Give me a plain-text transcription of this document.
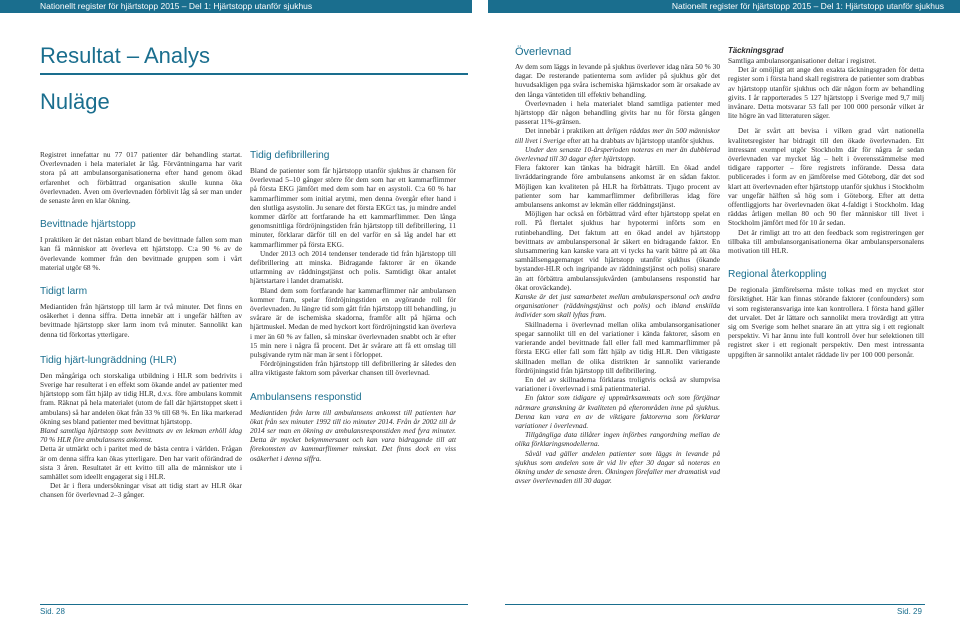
Nationellt register för hjärtstopp 2015 – Del 1: Hjärtstopp utanför sjukhus	Nationellt register för hjärtstopp 2015 – Del 1: Hjärtstopp utanför sjukhus
Resultat – Analys
Nuläge

Registret innefattar nu 77 017 patienter där behandling startat. Överlevnaden i hela materialet är låg. Förväntningarna har varit stora på att ambulansorganisationerna efter hand genom ökad erfarenhet och förbättrad organisation skulle kunna öka överlevnaden. Även om överlevnaden förblivit låg så ser man under de senaste åren en klar ökning.

Bevittnade hjärtstopp

I praktiken är det nästan enbart bland de bevittnade fallen som man kan få människor att överleva ett hjärtstopp. C:a 90 % av de överlevande kommer från den bevittnade gruppen som i vårt material utgör 68 %.

Tidigt larm

Mediantiden från hjärtstopp till larm är två minuter. Det finns en osäkerhet i denna siffra. Detta innebär att i ungefär hälften av bevittnade hjärtstopp sker larm inom två minuter. Sannolikt kan denna tid förkortas ytterligare.

Tidig hjärt-lungräddning (HLR)

Den mångåriga och storskaliga utbildning i HLR som bedrivits i Sverige har resulterat i en effekt som ökande andel av patienter med hjärtstopp som fått hjälp av tidig HLR, d.v.s. före ambulans kommit fram. Räknat på hela materialet (utom de fall där hjärtstoppet skett i ambulans) så har andelen ökat från 33 % till 68 %. En lika markerad ökning ses bland patienter med bevittnat hjärtstopp.

Bland samtliga hjärtstopp som bevittnats av en lekman erhöll idag 70 % HLR före ambulansens ankomst.

Detta är utmärkt och i paritet med de bästa centra i världen. Frågan är om denna siffra kan ökas ytterligare. Den har varit oförändrad de sista 3 åren. Resultatet är ett kvitto till alla de människor ute i samhället som ideellt engagerat sig i HLR.

Det är i flera undersökningar visat att tidig start av HLR ökar chansen för överlevnad 2–3 gånger.

Tidig defibrillering

Bland de patienter som får hjärtstopp utanför sjukhus är chansen för överlevnad 5–10 gånger större för dem som har ett kammarflimmer på första EKG jämfört med dem som har en asystoli. C:a 60 % har kammarflimmer som initial arytmi, men denna övergår efter hand i den slutliga asystolin. Ju senare det första EKG:t tas, ju mindre andel kommer därför att fortfarande ha ett kammarflimmer. Den långa genomsnittliga fördröjningstiden från hjärtstopp till defibrillering, 11 minuter, förklarar därför till en del varför en så låg andel har ett kammarflimmer på första EKG.

Under 2013 och 2014 tendenser tenderade tid från hjärtstopp till defibrillering att minska. Bidragande faktorer är en ökande utlarmning av räddningstjänst och polis. Samtidigt ökar antalet hjärtstartare i landet dramatiskt.

Bland dem som fortfarande har kammarflimmer när ambulansen kommer fram, spelar fördröjningstiden en avgörande roll för överlevnaden. Ju längre tid som gått från hjärtstopp till behandling, ju svårare är de ischemiska skadorna, framför allt på hjärna och hjärtmuskel. Medan de med hyckort kort fördröjningstid kan överleva i mer än 60 % av fallen, så minskar överlevnaden snabbt och är efter 15 min nere i några få procent. Det är svårare att få ett omslag till pulsgivande rytm när man är sent i förloppet.

Fördröjningstiden från hjärtstopp till defibrillering är således den allra viktigaste faktorn som påverkar chansen till överlevnad.

Ambulansens responstid

Mediantiden från larm till ambulansens ankomst till patienten har ökat från sex minuter 1992 till tio minuter 2014. Från år 2002 till år 2014 ser man en ökning av ambulansresponstiden med fyra minuter. Detta är mycket bekymmersamt och kan vara bidragande till att förekomsten av kammarflimmer minskat. Det finns dock en viss osäkerhet i denna siffra.

Sid. 28
Överlevnad

Av dem som läggs in levande på sjukhus överlever idag nära 50 % 30 dagar. De resterande patienterna som avlider på sjukhus gör det huvudsakligen pga svåra ischemiska hjärnskador som är orsakade av den långa väntetiden till effektiv behandling.

Överlevnaden i hela materialet bland samtliga patienter med hjärtstopp där någon behandling givits har nu för första gången passerat 11%-gränsen.

Det innebär i praktiken att årligen räddas mer än 500 människor till livet i Sverige efter att ha drabbats av hjärtstopp utanför sjukhus.

Under den senaste 10-årsperioden noteras en mer än dubblerad överlevnad till 30 dagar efter hjärtstopp.

Flera faktorer kan tänkas ha bidragit härtill. En ökad andel livräddaringrande före ambulansens ankomst är en sådan faktor. Möjligen kan kvaliteten på HLR ha förbättrats. Tjugo procent av patienter som har kammarflimmer defibrilleras idag före ambulansens ankomst av lekmän eller räddningstjänst.

Möjligen har också en förbättrad vård efter hjärtstopp spelat en roll. På flertalet sjukhus har hypotermi införts som en rutinbehandling. Det faktum att en ökad andel av hjärtstopp bevittnats av ambulanspersonal är säkert en bidragande faktor. En slutsammering kan kanske vara att vi tycks ha varit bättre på att öka samhällsengagemanget vid hjärtstopp utanför sjukhus (ökande bystander-HLR och ingripande av räddningstjänst och polis) snarare än att förbättra ambulanssjukvården (ambulansens responstid har ökat oroväckande).

Kanske är det just samarbetet mellan ambulanspersonal och andra organisationer (räddningstjänst och polis) och ibland enskilda individer som skall lyftas fram.

Skillnaderna i överlevnad mellan olika ambulansorganisationer spegar sannolikt till en del variationer i kända faktorer, såsom en varierande andel bevittnade fall eller fall med kammarflimmer på första EKG eller fall som fått hjälp av tidig HLR. Den viktigaste skillnaden mellan de olika distrikten är sannolikt varierande fördröjningstid från hjärtstopp till defibrillering.

En del av skillnaderna förklaras troligtvis också av slumpvisa variationer i överlevnad i små patientmaterial.

En faktor som tidigare ej uppmärksammats och som förtjänar närmare granskning är kvaliteten på efterområden inne på sjukhus. Denna kan vara en av de viktigare faktorerna som förklarar variationer i överlevnad.

Tillgängliga data tillåter ingen införbes rangordning mellan de olika förklaringsmodellerna.

Såväl vad gäller andelen patienter som läggs in levande på sjukhus som andelen som är vid liv efter 30 dagar så noteras en ökning under de senaste åren. Ökningen förefaller mer dramatisk vad avser överlevnaden till 30 dagar.

Täckningsgrad

Samtliga ambulansorganisationer deltar i registret.

Det är omöjligt att ange den exakta täckningsgraden för detta register som i första hand skall registrera de patienter som drabbas av hjärtstopp utanför sjukhus och där någon form av behandling givits. I år rapporterades 5 127 hjärtstopp i Sverige med 9,7 milj invånare. Detta motsvarar 53 fall per 100 000 personår vilket är lite högre än vad litteraturen säger.

Det är svårt att bevisa i vilken grad vårt nationella kvalitetsregister har bidragit till den ökade överlevnaden. Ett intressant exempel utgör Stockholm där för några år sedan överlevnaden var mycket låg – helt i överensstämmelse med tidigare rapporter – före registrets införande. Dessa data publicerades i form av en jämförelse med Göteborg, där det sod klart att överlevnaden efter hjärtstopp utanför sjukhus i Stockholm var ungefär hälften så hög som i Göteborg. Efter att detta offentliggjorts har överlevnaden ökat 4-faldigt i Stockholm. Idag räddas årligen mellan 80 och 90 fler människor till livet i Stockholm jämfört med för 10 år sedan.

Det är rimligt att tro att den feedback som registreringen ger tillbaka till ambulansorganisationerna ökar ambulanspersonalens motivation till HLR.

Regional återkoppling

De regionala jämförelserna måste tolkas med en mycket stor försiktighet. Här kan finnas störande faktorer (confounders) som vi som registeransvariga inte kan kontrollera. I första hand gäller det urvalet. Det är lättare och sannolikt mera trovärdigt att yttra sig om Sverige som helhet snarare än att yttra sig i ett regionalt perspektiv. Vi har ännu inte full kontroll över hur selektionen till registret sker i ett regionalt perspektiv. Den mest intressanta uppgiften är sannolikt antalet räddade liv per 100 000 personår.

Sid. 29
